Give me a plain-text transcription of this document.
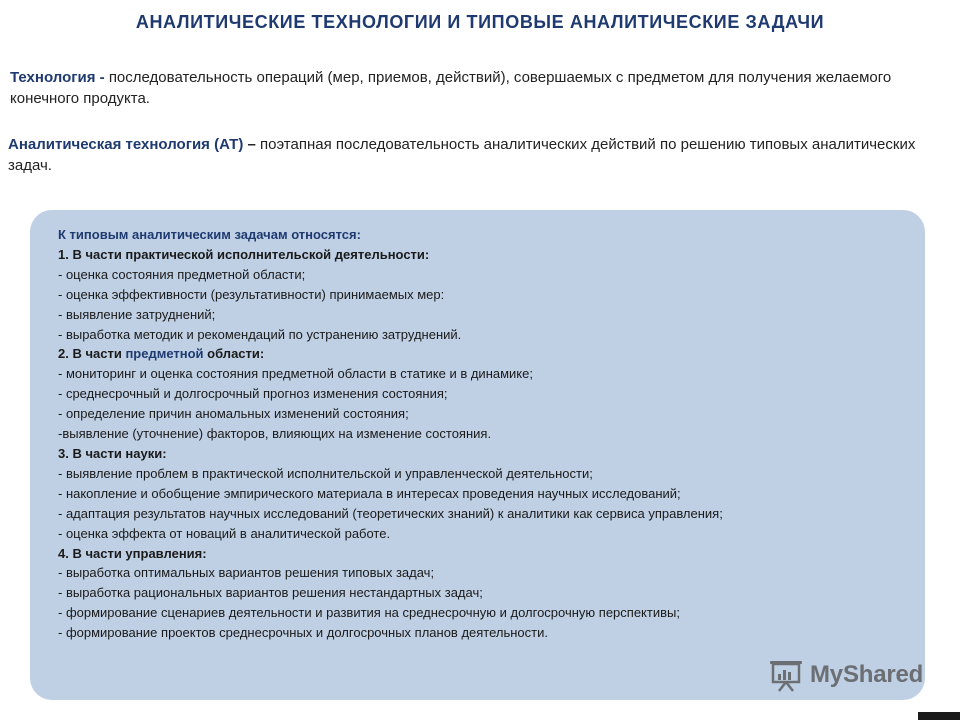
АНАЛИТИЧЕСКИЕ ТЕХНОЛОГИИ И ТИПОВЫЕ АНАЛИТИЧЕСКИЕ ЗАДАЧИ
Технология - последовательность операций (мер, приемов, действий), совершаемых с предметом для получения желаемого конечного продукта.
Аналитическая технология (АТ) – поэтапная последовательность аналитических действий по решению типовых аналитических задач.
К типовым аналитическим задачам относятся:
1. В части практической исполнительской деятельности:
- оценка состояния предметной области;
- оценка эффективности (результативности) принимаемых мер:
- выявление затруднений;
- выработка методик и рекомендаций по устранению затруднений.
2. В части предметной области:
- мониторинг и оценка состояния предметной области в статике и в динамике;
- среднесрочный и долгосрочный прогноз изменения состояния;
- определение причин аномальных изменений состояния;
-выявление (уточнение) факторов, влияющих на изменение состояния.
3. В части науки:
- выявление проблем в практической исполнительской и управленческой деятельности;
- накопление и обобщение эмпирического материала в интересах проведения научных исследований;
- адаптация результатов научных исследований (теоретических знаний) к аналитики как сервиса управления;
- оценка эффекта от новаций в аналитической работе.
4. В части управления:
- выработка оптимальных вариантов решения типовых задач;
- выработка рациональных вариантов решения нестандартных задач;
- формирование сценариев деятельности и развития на среднесрочную и долгосрочную перспективы;
- формирование проектов среднесрочных и долгосрочных планов деятельности.
MyShared
